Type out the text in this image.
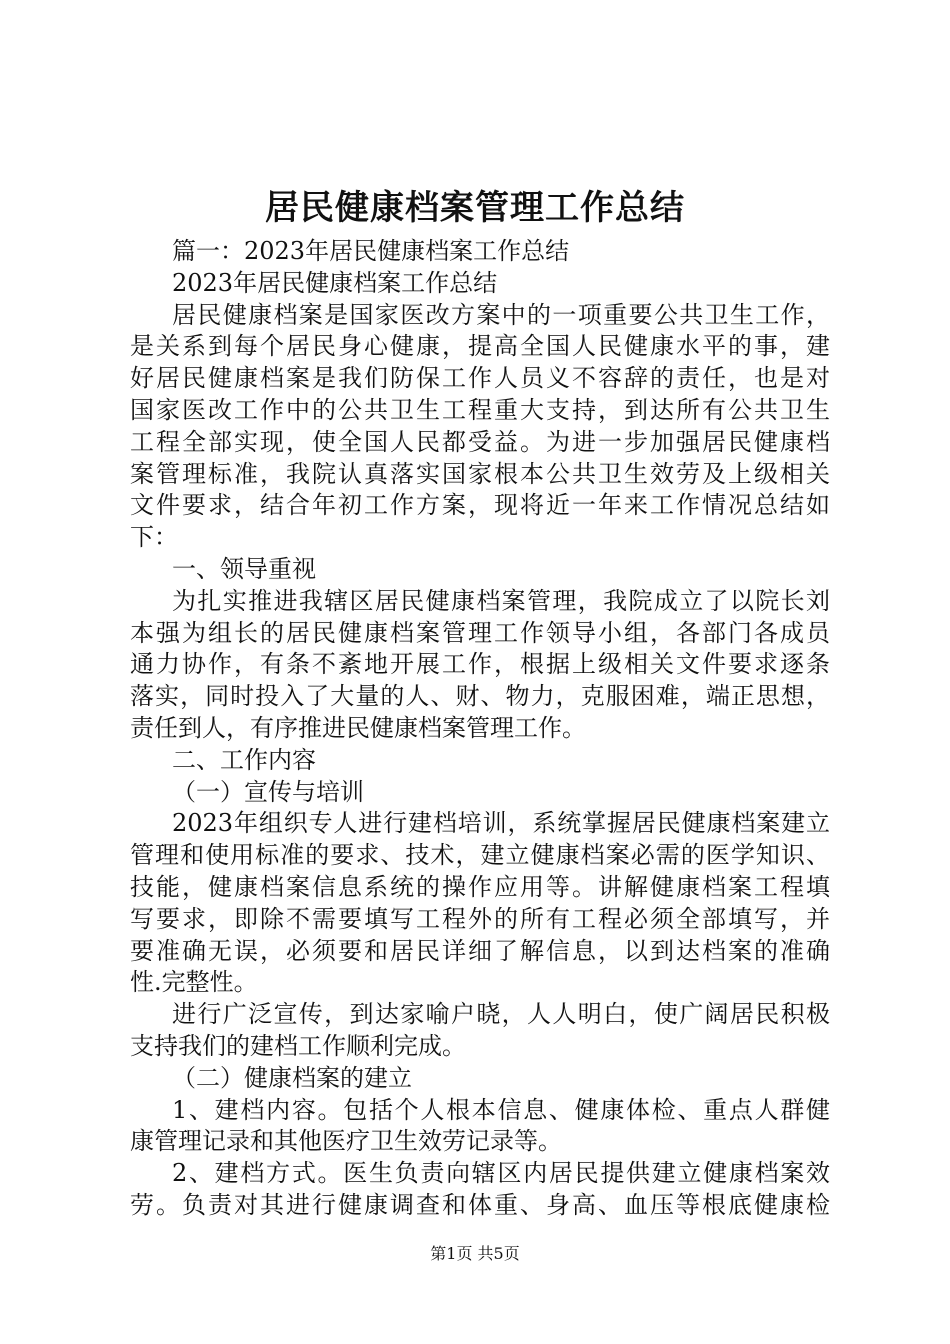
居民健康档案管理工作总结
篇一：2023年居民健康档案工作总结
2023年居民健康档案工作总结
居民健康档案是国家医改方案中的一项重要公共卫生工作，
是关系到每个居民身心健康，提高全国人民健康水平的事，建
好居民健康档案是我们防保工作人员义不容辞的责任，也是对
国家医改工作中的公共卫生工程重大支持，到达所有公共卫生
工程全部实现，使全国人民都受益。为进一步加强居民健康档
案管理标准，我院认真落实国家根本公共卫生效劳及上级相关
文件要求，结合年初工作方案，现将近一年来工作情况总结如
下：
一、领导重视
为扎实推进我辖区居民健康档案管理，我院成立了以院长刘
本强为组长的居民健康档案管理工作领导小组，各部门各成员
通力协作，有条不紊地开展工作，根据上级相关文件要求逐条
落实，同时投入了大量的人、财、物力，克服困难，端正思想，
责任到人，有序推进民健康档案管理工作。
二、工作内容
（一）宣传与培训
2023年组织专人进行建档培训，系统掌握居民健康档案建立
管理和使用标准的要求、技术，建立健康档案必需的医学知识、
技能，健康档案信息系统的操作应用等。讲解健康档案工程填
写要求，即除不需要填写工程外的所有工程必须全部填写，并
要准确无误，必须要和居民详细了解信息，以到达档案的准确
性.完整性。
进行广泛宣传，到达家喻户晓，人人明白，使广阔居民积极
支持我们的建档工作顺利完成。
（二）健康档案的建立
1、建档内容。包括个人根本信息、健康体检、重点人群健
康管理记录和其他医疗卫生效劳记录等。
2、建档方式。医生负责向辖区内居民提供建立健康档案效
劳。负责对其进行健康调查和体重、身高、血压等根底健康检
第1页 共5页
